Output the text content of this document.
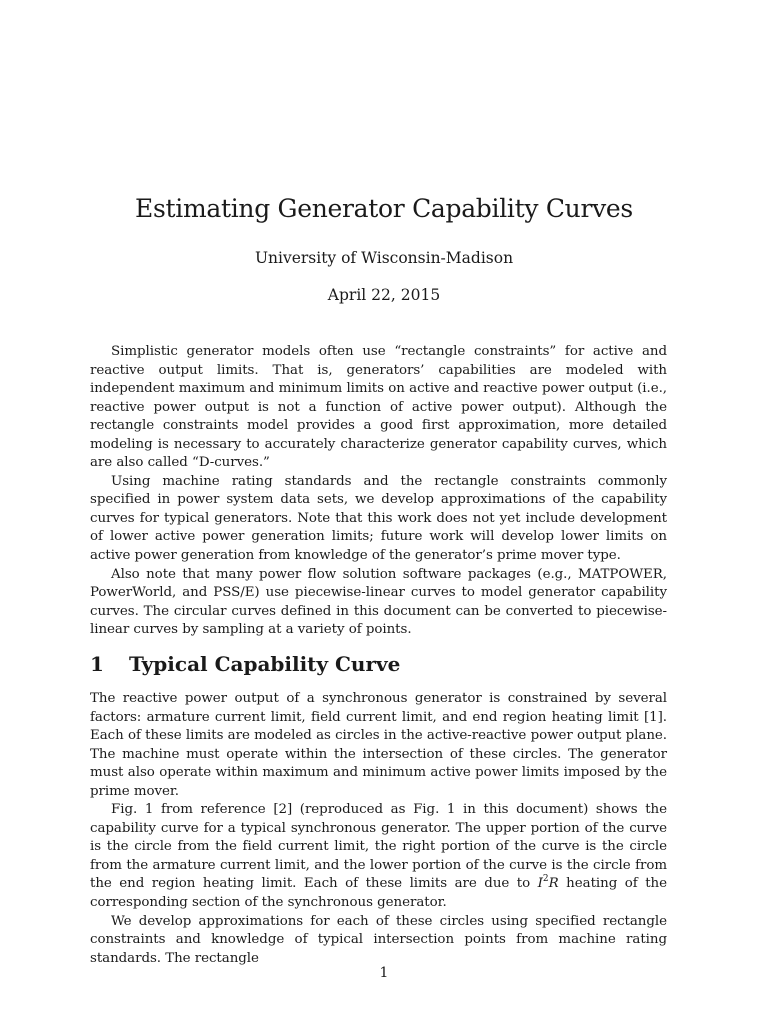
Estimating Generator Capability Curves
University of Wisconsin-Madison
April 22, 2015

Simplistic generator models often use “rectangle constraints” for active and reactive output limits. That is, generators’ capabilities are modeled with independent maximum and minimum limits on active and reactive power output (i.e., reactive power output is not a function of active power output). Although the rectangle constraints model provides a good first approximation, more detailed modeling is necessary to accurately characterize generator capability curves, which are also called “D-curves.”

Using machine rating standards and the rectangle constraints commonly specified in power system data sets, we develop approximations of the capability curves for typical generators. Note that this work does not yet include development of lower active power generation limits; future work will develop lower limits on active power generation from knowledge of the generator’s prime mover type.

Also note that many power flow solution software packages (e.g., MATPOWER, PowerWorld, and PSS/E) use piecewise-linear curves to model generator capability curves. The circular curves defined in this document can be converted to piecewise-linear curves by sampling at a variety of points.

1 Typical Capability Curve

The reactive power output of a synchronous generator is constrained by several factors: armature current limit, field current limit, and end region heating limit [1]. Each of these limits are modeled as circles in the active-reactive power output plane. The machine must operate within the intersection of these circles. The generator must also operate within maximum and minimum active power limits imposed by the prime mover.

Fig. 1 from reference [2] (reproduced as Fig. 1 in this document) shows the capability curve for a typical synchronous generator. The upper portion of the curve is the circle from the field current limit, the right portion of the curve is the circle from the armature current limit, and the lower portion of the curve is the circle from the end region heating limit. Each of these limits are due to $I^2R$ heating of the corresponding section of the synchronous generator.

We develop approximations for each of these circles using specified rectangle constraints and knowledge of typical intersection points from machine rating standards. The rectangle

1
